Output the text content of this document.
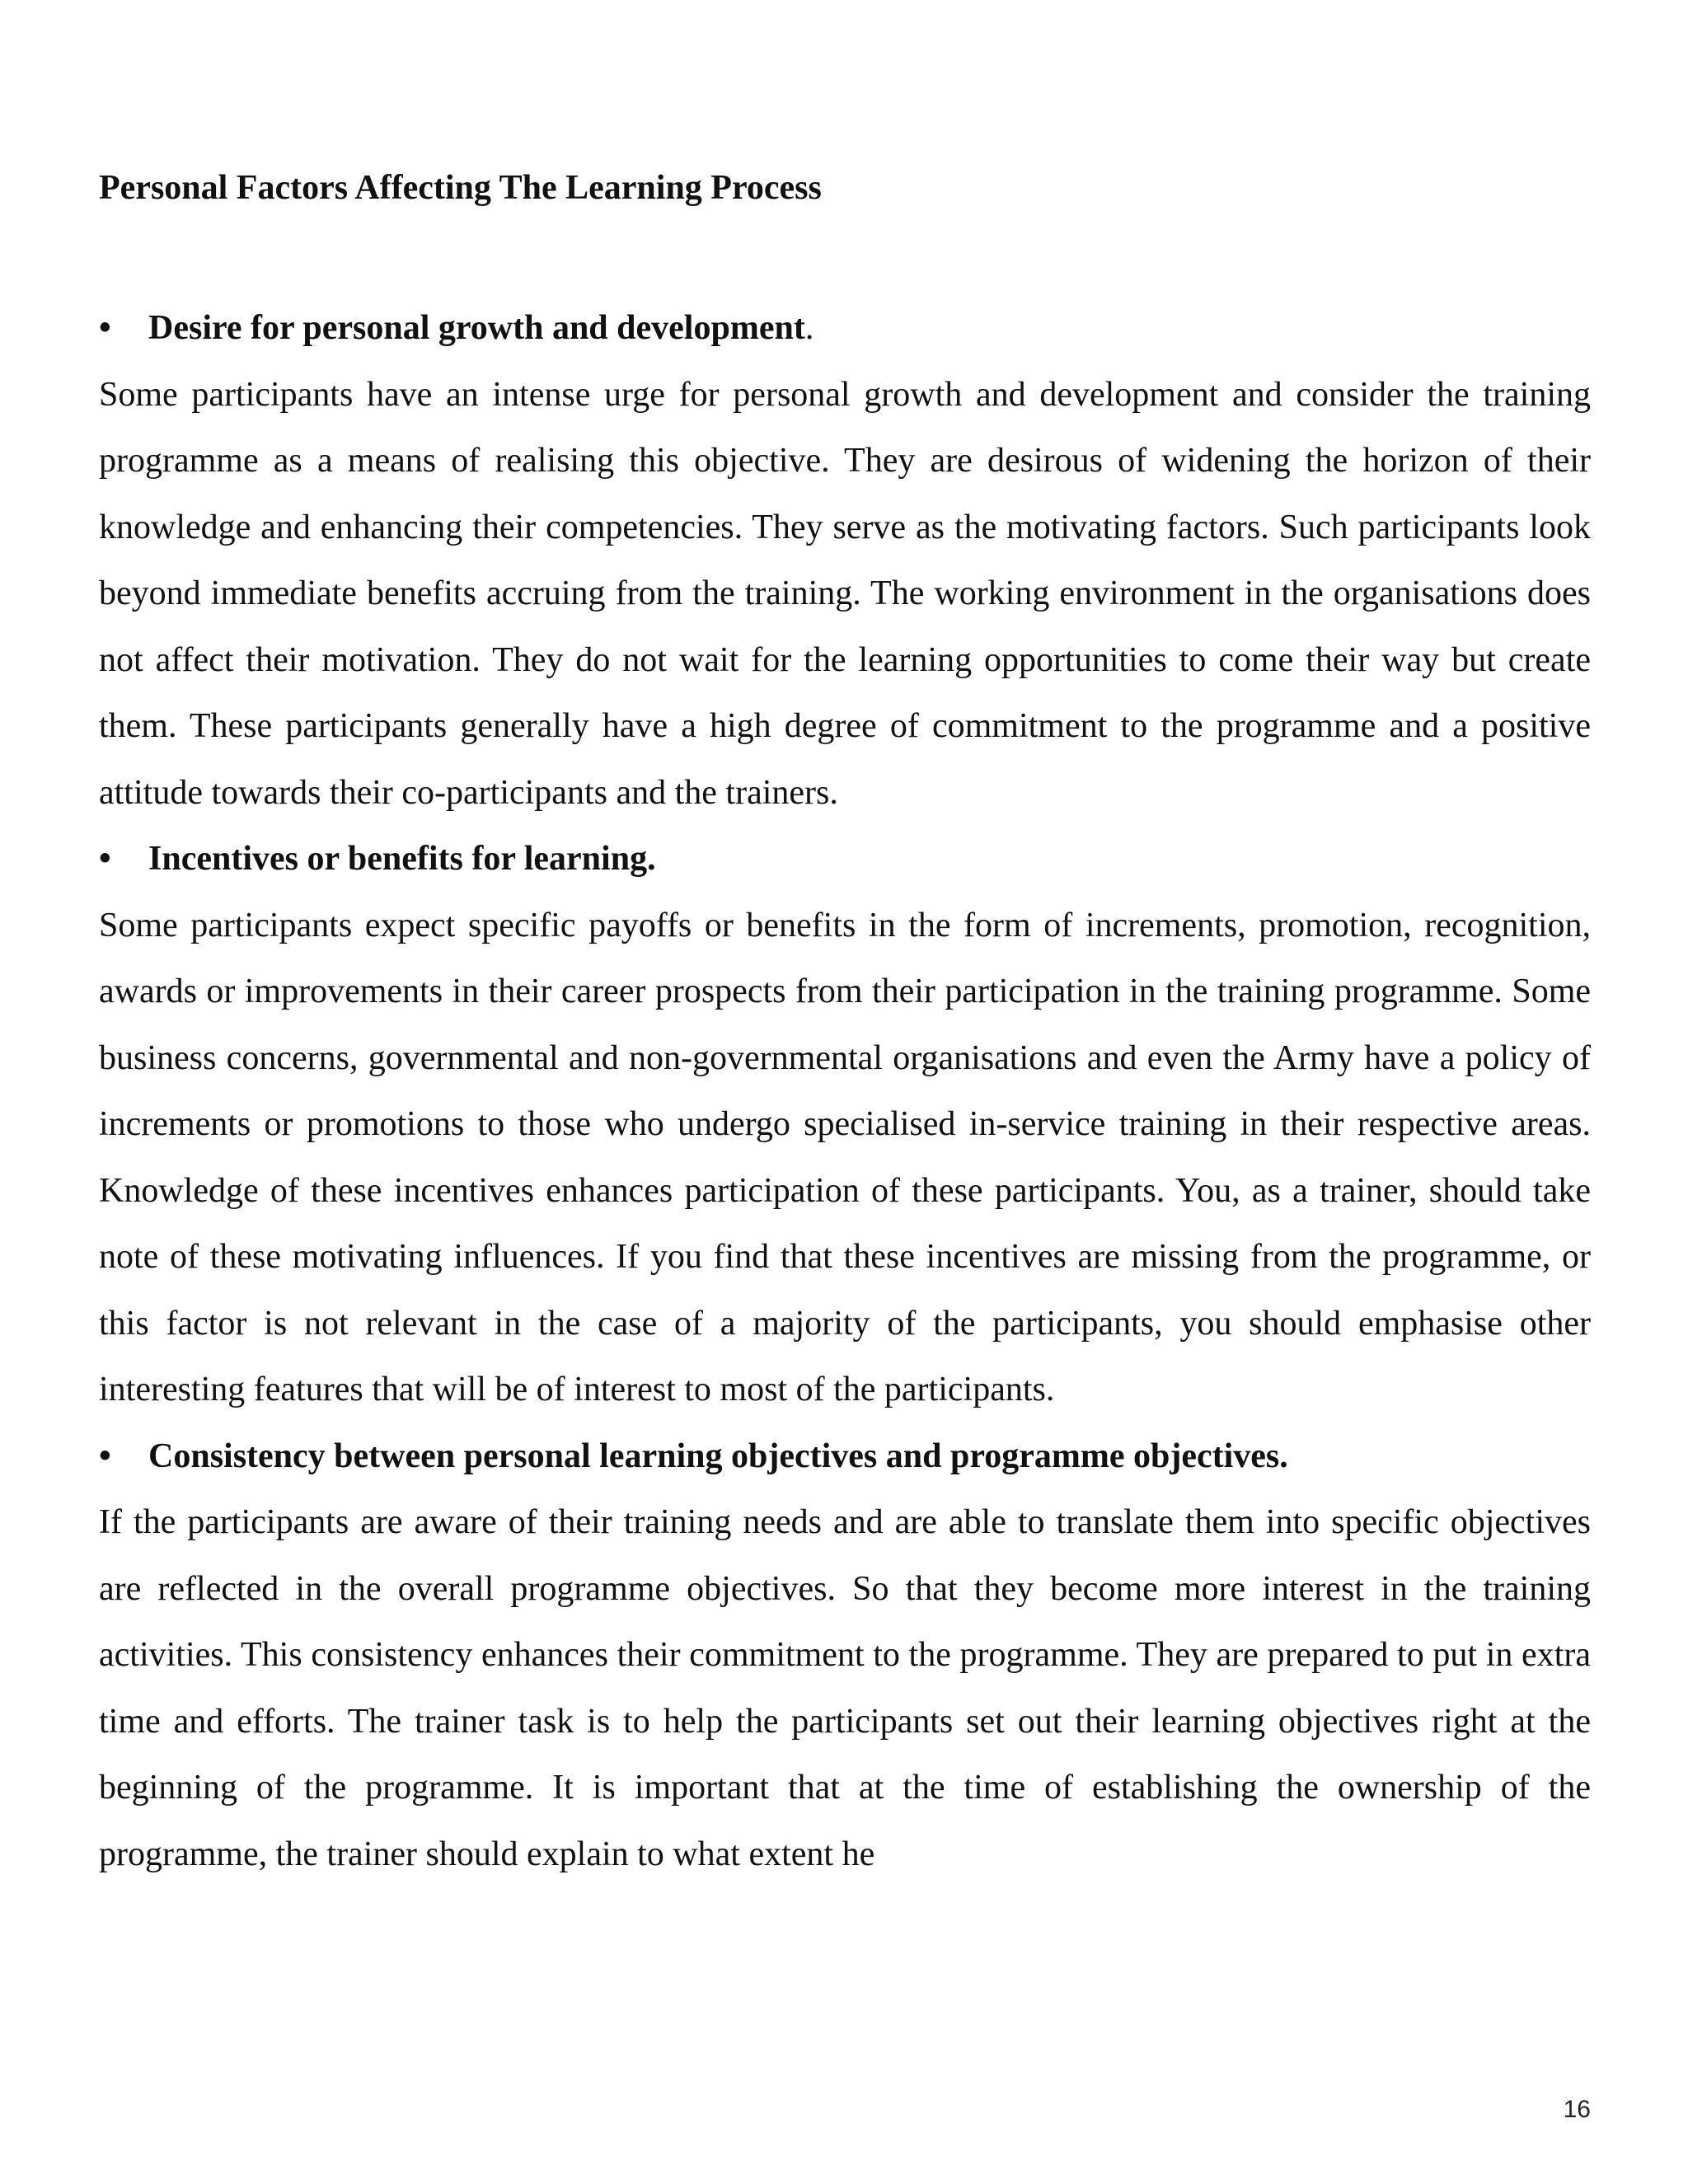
Personal Factors Affecting The Learning Process
•	Desire for personal growth and development.

Some participants have an intense urge for personal growth and development and consider the training programme as a means of realising this objective. They are desirous of widening the horizon of their knowledge and enhancing their competencies. They serve as the motivating factors. Such participants look beyond immediate benefits accruing from the training. The working environment in the organisations does not affect their motivation. They do not wait for the learning opportunities to come their way but create them. These participants generally have a high degree of commitment to the programme and a positive attitude towards their co-participants and the trainers.

•	Incentives or benefits for learning.

Some participants expect specific payoffs or benefits in the form of increments, promotion, recognition, awards or improvements in their career prospects from their participation in the training programme. Some business concerns, governmental and non-governmental organisations and even the Army have a policy of increments or promotions to those who undergo specialised in-service training in their respective areas. Knowledge of these incentives enhances participation of these participants. You, as a trainer, should take note of these motivating influences. If you find that these incentives are missing from the programme, or this factor is not relevant in the case of a majority of the participants, you should emphasise other interesting features that will be of interest to most of the participants.

•	Consistency between personal learning objectives and programme objectives.

If the participants are aware of their training needs and are able to translate them into specific objectives are reflected in the overall programme objectives. So that they become more interest in the training activities. This consistency enhances their commitment to the programme. They are prepared to put in extra time and efforts. The trainer task is to help the participants set out their learning objectives right at the beginning of the programme. It is important that at the time of establishing the ownership of the programme, the trainer should explain to what extent he

16
